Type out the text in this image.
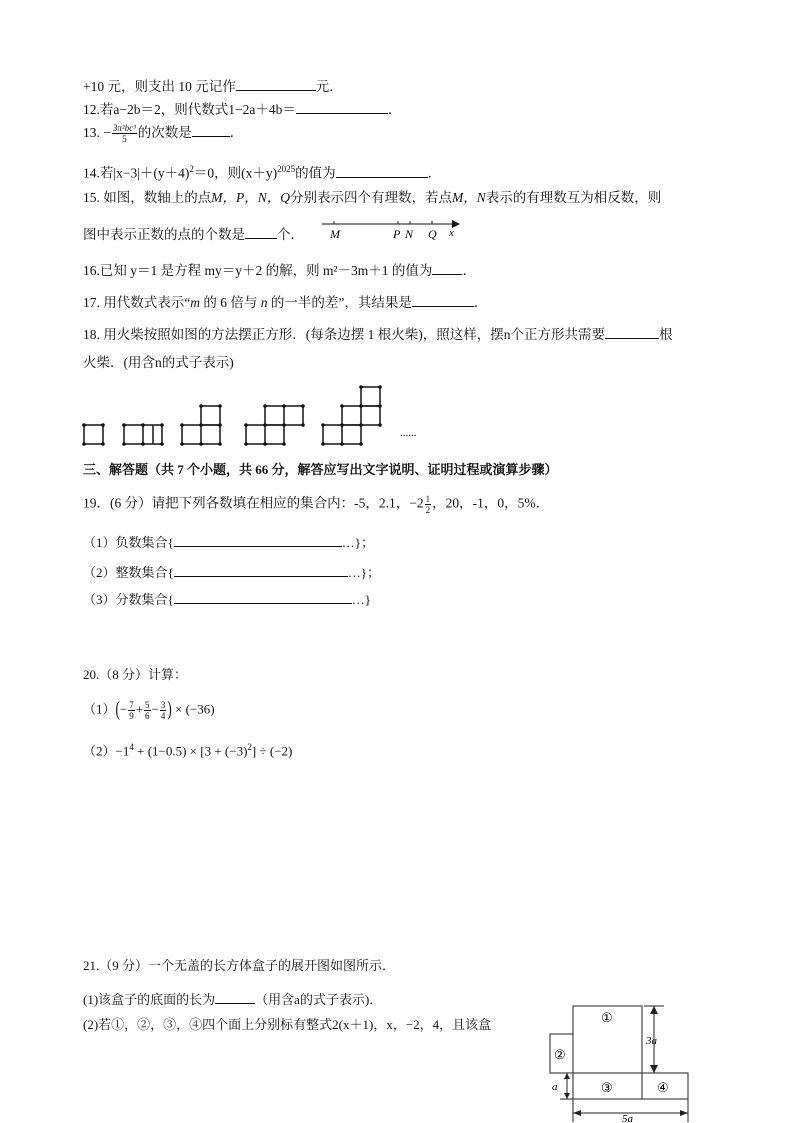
+10 元，则支出 10 元记作	元．
12.若a−2b＝2，则代数式1−2a＋4b＝	．
13. − $\frac{\text{3π²bc³}}{5}$ 的次数是	．
14.若$|x-3|+(y+4)^2=0$，则$(x+y)^{2025}$的值为	．
15. 如图，数轴上的点M，P，N，Q分别表示四个有理数，若点M，N表示的有理数互为相反数，则
图中表示正数的点的个数是 个． M	P N Q x
16.已知 y＝1 是方程 my＝y＋2 的解，则 m²－3m＋1 的值为 ．
17. 用代数式表示“m 的 6 倍与 n 的一半的差”，其结果是	．
18. 用火柴按照如图的方法摆正方形．(每条边摆 1 根火柴)，照这样，摆n个正方形共需要	根
火柴．(用含n的式子表示)
......
三、解答题（共 7 个小题，共 66 分，解答应写出文字说明、证明过程或演算步骤）
19．(6 分）请把下列各数填在相应的集合内：-5，2.1，$-2 \frac{1}{2}$ ，20，-1，0，5%．
（1）负数集合{	…}；
（2）整数集合{	…}；
（3）分数集合{	…}
20.（8 分）计算：
$(1)(- \frac{7}{9} + \frac{5}{6} - \frac{3}{4}$ ) × (−36)
$(2)-1^4 + (1-0.5) \times [3 + (-3)^2] \div (-2)$
21.（9 分）一个无盖的长方体盒子的展开图如图所示．
(1)该盒子的底面的长为	（用含a的式子表示)．
(2)若①，②，③，④四个面上分别标有整式2(x＋1)，x，−2，4，且该盒	①
②
③	④
3a
a
5a
